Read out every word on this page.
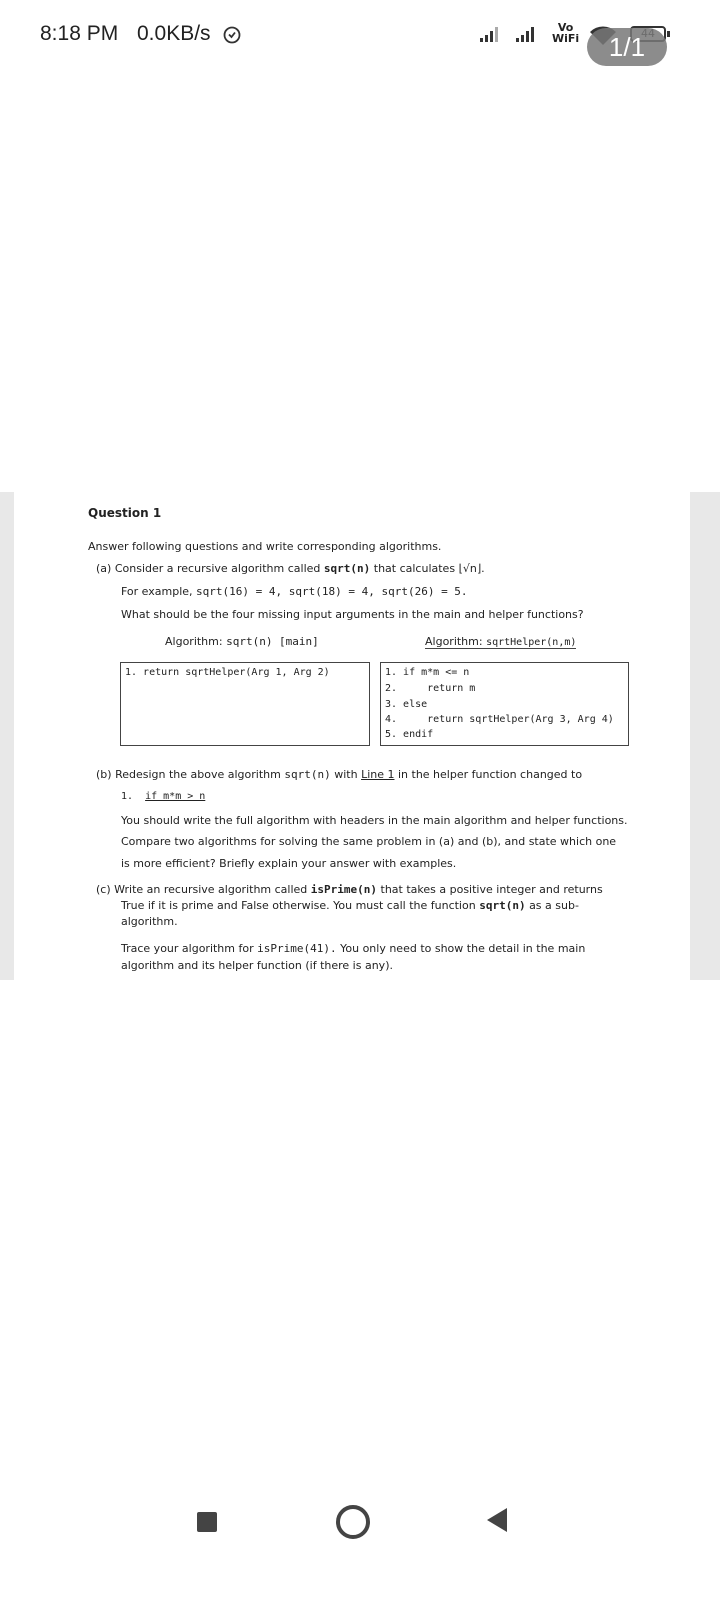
8:18 PM 0.0KB/s	Vo
WiFi	1/1
Question 1
Answer following questions and write corresponding algorithms.
(a) Consider a recursive algorithm called sqrt(n) that calculates ⌊√n⌋.
For example, sqrt(16) = 4, sqrt(18) = 4, sqrt(26) = 5.
What should be the four missing input arguments in the main and helper functions?
Algorithm: sqrt(n) [main]	Algorithm: sqrtHelper(n,m)
1. return sqrtHelper(Arg 1, Arg 2)	1. if m*m <= n
2.     return m
3. else
4.     return sqrtHelper(Arg 3, Arg 4)
5. endif
(b) Redesign the above algorithm sqrt(n) with Line 1 in the helper function changed to
1. if m*m > n
You should write the full algorithm with headers in the main algorithm and helper functions.
Compare two algorithms for solving the same problem in (a) and (b), and state which one
is more efficient? Briefly explain your answer with examples.
(c) Write an recursive algorithm called isPrime(n) that takes a positive integer and returns
True if it is prime and False otherwise. You must call the function sqrt(n) as a sub-
algorithm.
Trace your algorithm for isPrime(41). You only need to show the detail in the main
algorithm and its helper function (if there is any).
